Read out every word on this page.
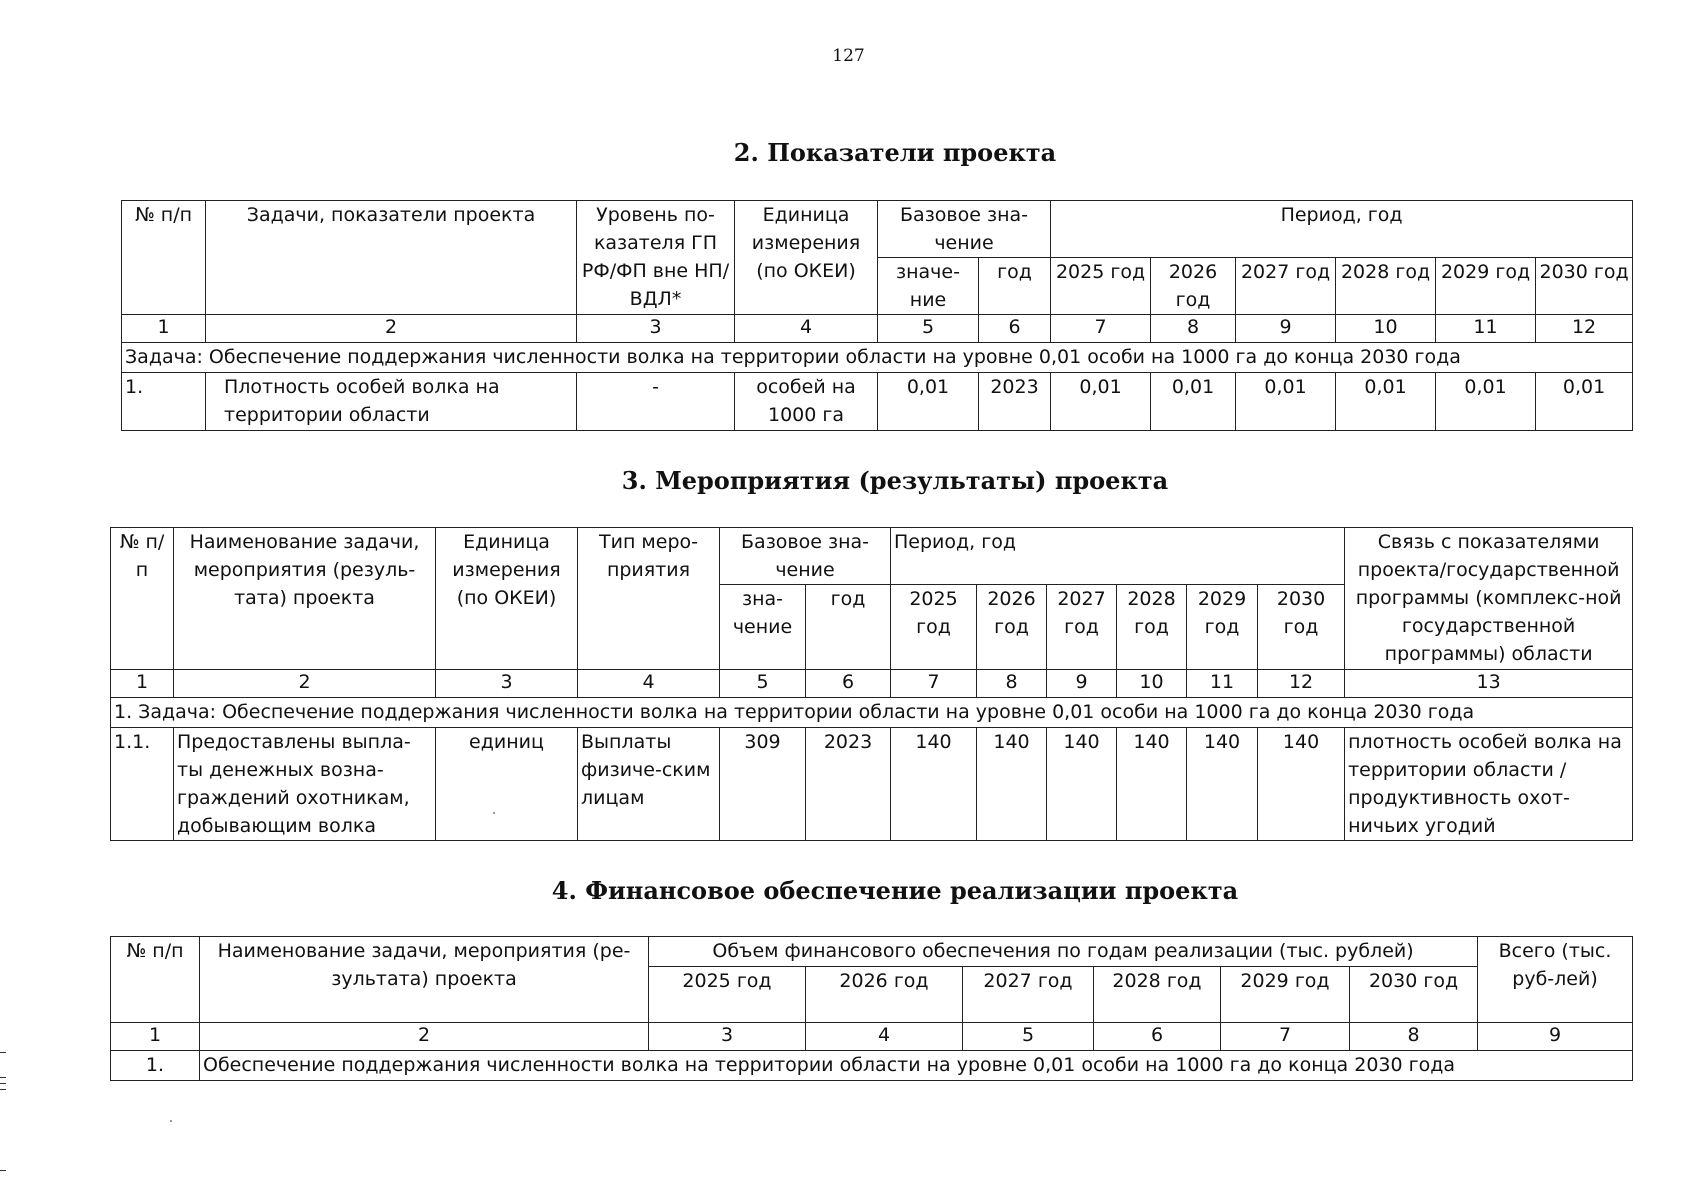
127
2. Показатели проекта
№ п/п	Задачи, показатели проекта	Уровень по-казателя ГП РФ/ФП вне НП/ВДЛ*	Единица измерения (по ОКЕИ)	Базовое зна-чение		Период, год					
				значе-ние	год	2025 год	2026 год	2027 год	2028 год	2029 год	2030 год
1	2	3	4	5	6	7	8	9	10	11	12
Задача: Обеспечение поддержания численности волка на территории области на уровне 0,01 особи на 1000 га до конца 2030 года											
1.	Плотность особей волка на территории области	-	особей на 1000 га	0,01	2023	0,01	0,01	0,01	0,01	0,01	0,01
3. Мероприятия (результаты) проекта
№ п/п	Наименование задачи, мероприятия (резуль-тата) проекта	Единица измерения (по ОКЕИ)	Тип меро-приятия	Базовое зна-чение		Период, год						Связь с показателями проекта/государственной программы (комплекс-ной государственной программы) области
				зна-чение	год	2025 год	2026 год	2027 год	2028 год	2029 год	2030 год	
1	2	3	4	5	6	7	8	9	10	11	12	13
1. Задача: Обеспечение поддержания численности волка на территории области на уровне 0,01 особи на 1000 га до конца 2030 года												
1.1.	Предоставлены выпла-ты денежных возна-граждений охотникам, добывающим волка	единиц	Выплаты физиче-ским лицам	309	2023	140	140	140	140	140	140	плотность особей волка на территории области / продуктивность охот-ничьих угодий
4. Финансовое обеспечение реализации проекта
№ п/п	Наименование задачи, мероприятия (ре-зультата) проекта	Объем финансового обеспечения по годам реализации (тыс. рублей)						Всего (тыс. руб-лей)
		2025 год	2026 год	2027 год	2028 год	2029 год	2030 год	
1	2	3	4	5	6	7	8	9
1.	Обеспечение поддержания численности волка на территории области на уровне 0,01 особи на 1000 га до конца 2030 года							
